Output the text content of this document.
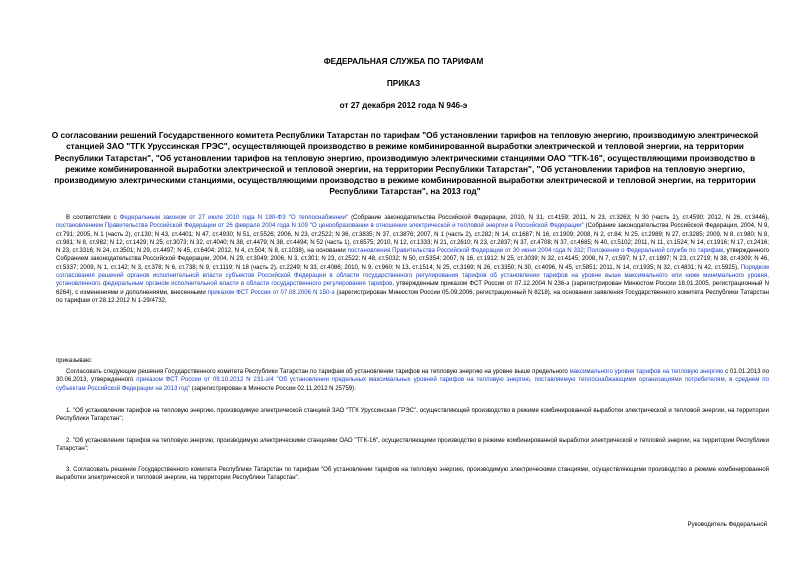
ФЕДЕРАЛЬНАЯ СЛУЖБА ПО ТАРИФАМ
ПРИКАЗ
от 27 декабря 2012 года N 946-э
О согласовании решений Государственного комитета Республики Татарстан по тарифам "Об установлении тарифов на тепловую энергию, производимую электрической станцией ЗАО "ТГК Уруссинская ГРЭС", осуществляющей производство в режиме комбинированной выработки электрической и тепловой энергии, на территории Республики Татарстан", "Об установлении тарифов на тепловую энергию, производимую электрическими станциями ОАО "ТГК-16", осуществляющими производство в режиме комбинированной выработки электрической и тепловой энергии, на территории Республики Татарстан", "Об установлении тарифов на тепловую энергию, производимую электрическими станциями, осуществляющими производство в режиме комбинированной выработки электрической и тепловой энергии, на территории Республики Татарстан", на 2013 год"
В соответствии с Федеральным законом от 27 июля 2010 года N 190-ФЗ "О теплоснабжении" (Собрание законодательства Российской Федерации, 2010, N 31, ст.4159; 2011, N 23, ст.3263; N 30 (часть 1), ст.4590; 2012, N 26, ст.3446), постановлением Правительства Российской Федерации от 26 февраля 2004 года N 109 "О ценообразовании в отношении электрической и тепловой энергии в Российской Федерации" (Собрание законодательства Российской Федерации, 2004, N 9, ст.791; 2005, N 1 (часть 2), ст.130; N 43, ст.4401; N 47, ст.4930; N 51, ст.5526; 2006, N 23, ст.2522; N 36, ст.3835; N 37, ст.3876; 2007, N 1 (часть 2), ст.282; N 14, ст.1687; N 16, ст.1909; 2008, N 2, ст.84; N 25, ст.2989; N 27, ст.3285; 2009, N 8, ст.980; N 8, ст.981; N 8, ст.982; N 12, ст.1429; N 25, ст.3073; N 32, ст.4040; N 38, ст.4479; N 38, ст.4494; N 52 (часть 1), ст.6575; 2010, N 12, ст.1333; N 21, ст.2610; N 23, ст.2837; N 37, ст.4708; N 37, ст.4685; N 40, ст.5102; 2011, N 11, ст.1524; N 14, ст.1916; N 17, ст.2416; N 23, ст.3316; N 24, ст.3501; N 29, ст.4497; N 45, ст.6404; 2012, N 4, ст.504; N 8, ст.1038), на основании постановления Правительства Российской Федерации от 30 июня 2004 года N 332; Положения о Федеральной службе по тарифам, утвержденного Собранием законодательства Российской Федерации, 2004, N 29, ст.3049; 2006, N 3, ст.301; N 23, ст.2522; N 48, ст.5032; N 50, ст.5354; 2007, N 16, ст.1912; N 25, ст.3039; N 32, ст.4145; 2008, N 7, ст.597; N 17, ст.1897; N 23, ст.2719; N 38, ст.4309; N 46, ст.5337; 2009, N 1, ст.142; N 3, ст.378; N 6, ст.738; N 9, ст.1119; N 18 (часть 2), ст.2249; N 33, ст.4086; 2010, N 9, ст.960; N 13, ст.1514; N 25, ст.3169; N 26, ст.3350; N 30, ст.4096, N 45, ст.5851; 2011, N 14, ст.1935; N 32, ст.4831; N 42, ст.5925), Порядком согласования решений органов исполнительной власти субъектов Российской Федерации в области государственного регулирования тарифов об установлении тарифов на уровне выше максимального или ниже минимального уровня, установленного федеральным органом исполнительной власти в области государственного регулирования тарифов, утвержденным приказом ФСТ России от 07.12.2004 N 236-э (зарегистрирован Минюстом России 18.01.2005, регистрационный N 6264), с изменениями и дополнениями, внесенными приказом ФСТ России от 07.08.2006 N 150-э (зарегистрирован Минюстом России 05.09.2006, регистрационный N 8218), на основании заявления Государственного комитета Республики Татарстан по тарифам от 28.12.2012 N 1-29/4732,
приказываю:
Согласовать следующие решения Государственного комитета Республики Татарстан по тарифам об установлении тарифов на тепловую энергию на уровне выше предельного максимального уровня тарифов на тепловую энергию с 01.01.2013 по 30.06.2013, утвержденного приказом ФСТ России от 09.10.2012 N 231-э/4 "Об установлении предельных максимальных уровней тарифов на тепловую энергию, поставляемую теплоснабжающими организациями потребителям, в среднем по субъектам Российской Федерации на 2013 год" (зарегистрирован в Минюсте России 02.11.2012 N 25759):
1. "Об установлении тарифов на тепловую энергию, производимую электрической станцией ЗАО "ТГК Уруссинская ГРЭС", осуществляющей производство в режиме комбинированной выработки электрической и тепловой энергии, на территории Республики Татарстан";
2. "Об установлении тарифов на тепловую энергию, производимую электрическими станциями ОАО "ТГК-16", осуществляющими производство в режиме комбинированной выработки электрической и тепловой энергии, на территории Республики Татарстан";
3. Согласовать решение Государственного комитета Республики Татарстан по тарифам "Об установлении тарифов на тепловую энергию, производимую электрическими станциями, осуществляющими производство в режиме комбинированной выработки электрической и тепловой энергии, на территории Республики Татарстан".
Руководитель Федеральной
